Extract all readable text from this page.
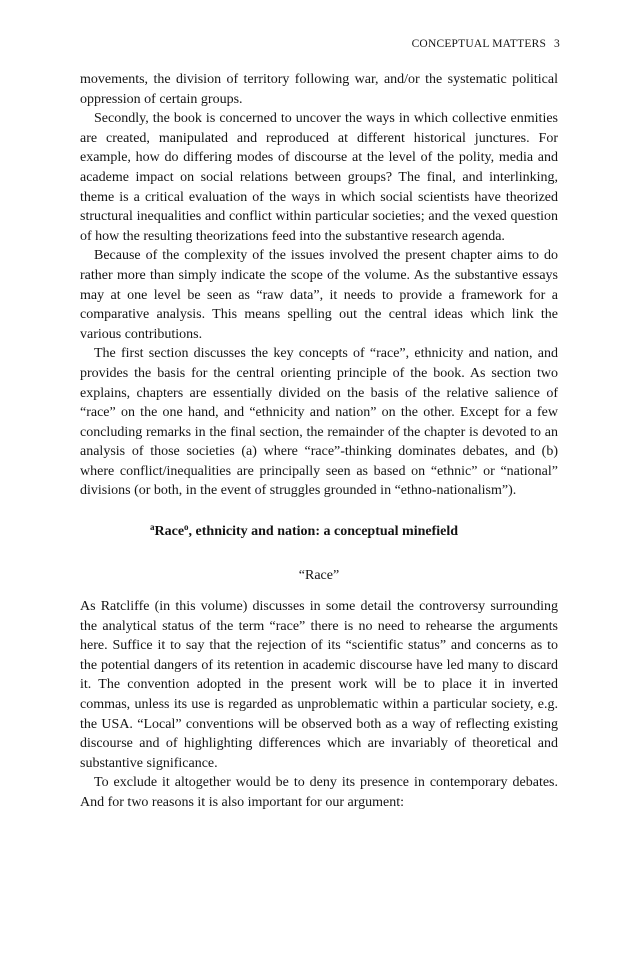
CONCEPTUAL MATTERS 3

movements, the division of territory following war, and/or the systematic political oppression of certain groups.

Secondly, the book is concerned to uncover the ways in which collective enmities are created, manipulated and reproduced at different historical junctures. For example, how do differing modes of discourse at the level of the polity, media and academe impact on social relations between groups? The final, and interlinking, theme is a critical evaluation of the ways in which social scientists have theorized structural inequalities and conflict within particular societies; and the vexed question of how the resulting theorizations feed into the substantive research agenda.

Because of the complexity of the issues involved the present chapter aims to do rather more than simply indicate the scope of the volume. As the substantive essays may at one level be seen as “raw data”, it needs to provide a framework for a comparative analysis. This means spelling out the central ideas which link the various contributions.

The first section discusses the key concepts of “race”, ethnicity and nation, and provides the basis for the central orienting principle of the book. As section two explains, chapters are essentially divided on the basis of the relative salience of “race” on the one hand, and “ethnicity and nation” on the other. Except for a few concluding remarks in the final section, the remainder of the chapter is devoted to an analysis of those societies (a) where “race”-thinking dominates debates, and (b) where conflict/inequalities are principally seen as based on “ethnic” or “national” divisions (or both, in the event of struggles grounded in “ethno-nationalism”).

$^a$Race$^o$, ethnicity and nation: a conceptual minefield
“Race”

As Ratcliffe (in this volume) discusses in some detail the controversy surrounding the analytical status of the term “race” there is no need to rehearse the arguments here. Suffice it to say that the rejection of its “scientific status” and concerns as to the potential dangers of its retention in academic discourse have led many to discard it. The convention adopted in the present work will be to place it in inverted commas, unless its use is regarded as unproblematic within a particular society, e.g. the USA. “Local” conventions will be observed both as a way of reflecting existing discourse and of highlighting differences which are invariably of theoretical and substantive significance.

To exclude it altogether would be to deny its presence in contemporary debates. And for two reasons it is also important for our argument:
